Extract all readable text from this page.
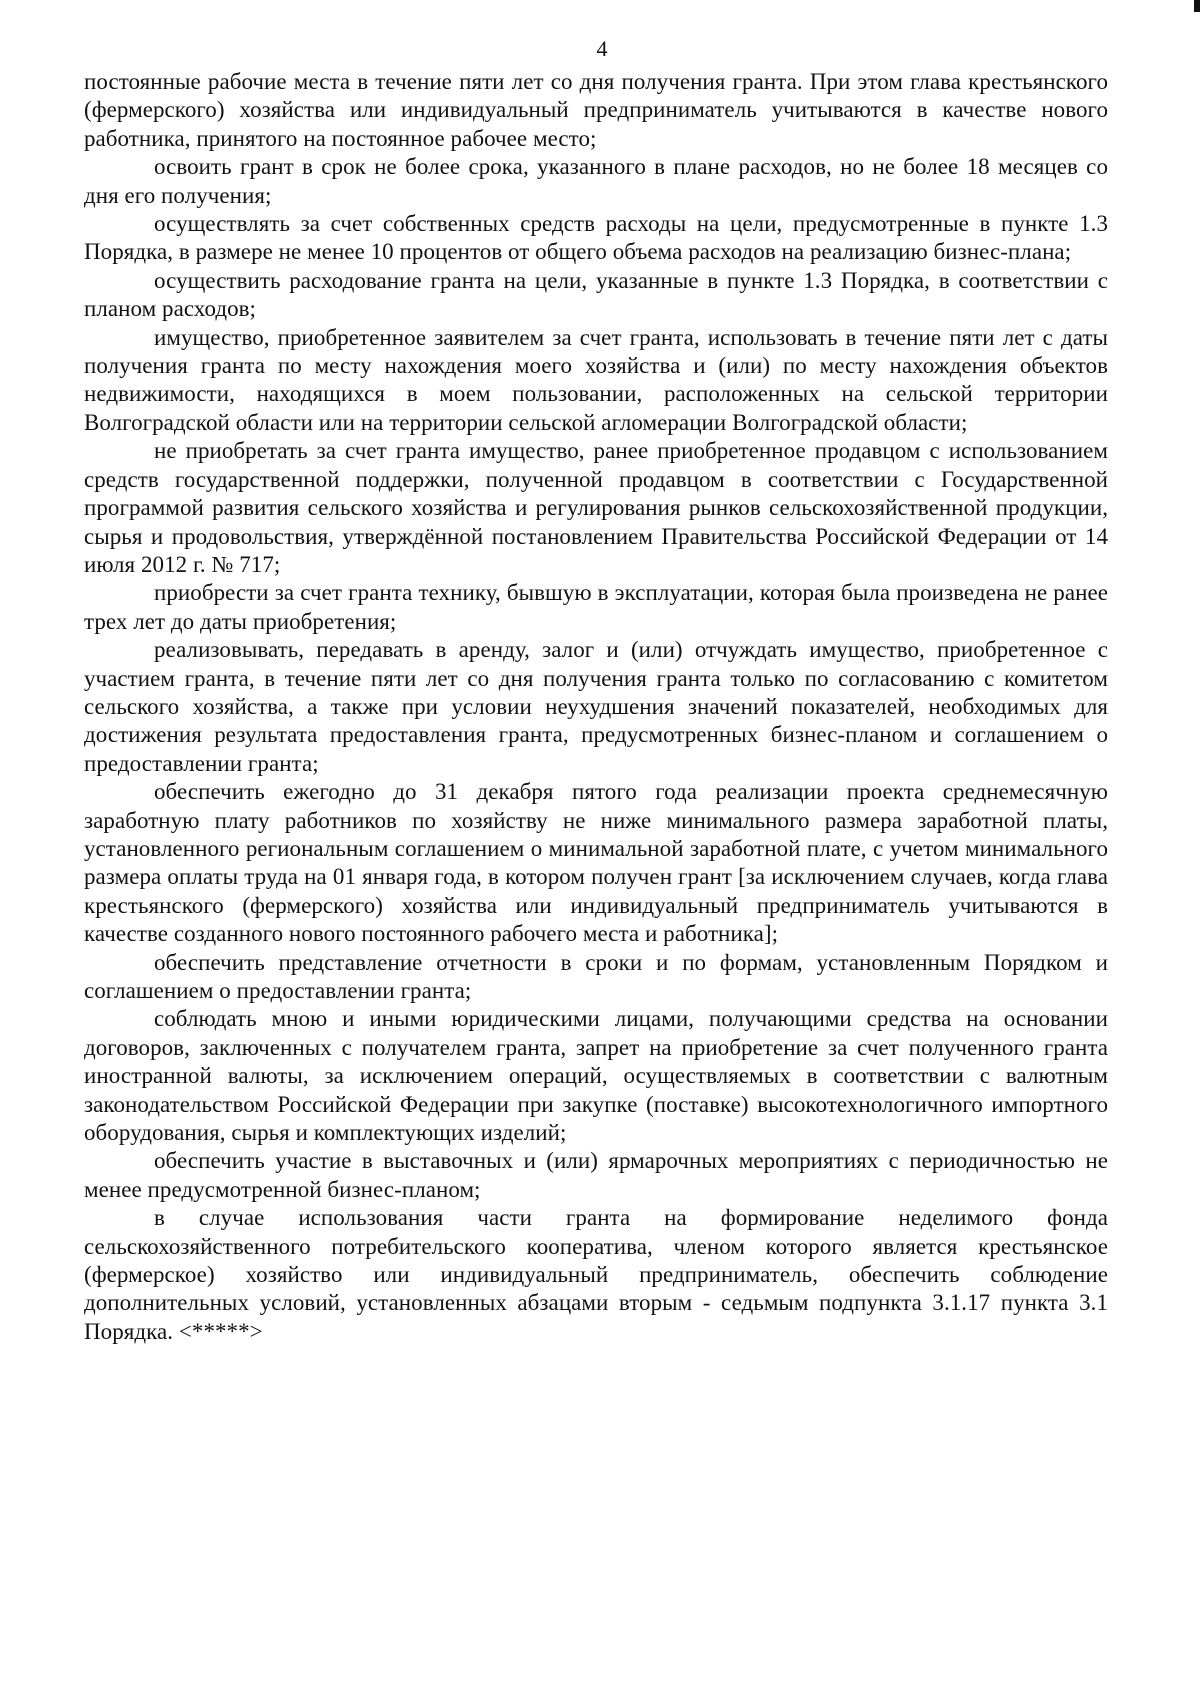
4

постоянные рабочие места в течение пяти лет со дня получения гранта. При этом глава крестьянского (фермерского) хозяйства или индивидуальный предприниматель учитываются в качестве нового работника, принятого на постоянное рабочее место;

освоить грант в срок не более срока, указанного в плане расходов, но не более 18 месяцев со дня его получения;

осуществлять за счет собственных средств расходы на цели, предусмотренные в пункте 1.3 Порядка, в размере не менее 10 процентов от общего объема расходов на реализацию бизнес-плана;

осуществить расходование гранта на цели, указанные в пункте 1.3 Порядка, в соответствии с планом расходов;

имущество, приобретенное заявителем за счет гранта, использовать в течение пяти лет с даты получения гранта по месту нахождения моего хозяйства и (или) по месту нахождения объектов недвижимости, находящихся в моем пользовании, расположенных на сельской территории Волгоградской области или на территории сельской агломерации Волгоградской области;

не приобретать за счет гранта имущество, ранее приобретенное продавцом с использованием средств государственной поддержки, полученной продавцом в соответствии с Государственной программой развития сельского хозяйства и регулирования рынков сельскохозяйственной продукции, сырья и продовольствия, утверждённой постановлением Правительства Российской Федерации от 14 июля 2012 г. № 717;

приобрести за счет гранта технику, бывшую в эксплуатации, которая была произведена не ранее трех лет до даты приобретения;

реализовывать, передавать в аренду, залог и (или) отчуждать имущество, приобретенное с участием гранта, в течение пяти лет со дня получения гранта только по согласованию с комитетом сельского хозяйства, а также при условии неухудшения значений показателей, необходимых для достижения результата предоставления гранта, предусмотренных бизнес-планом и соглашением о предоставлении гранта;

обеспечить ежегодно до 31 декабря пятого года реализации проекта среднемесячную заработную плату работников по хозяйству не ниже минимального размера заработной платы, установленного региональным соглашением о минимальной заработной плате, с учетом минимального размера оплаты труда на 01 января года, в котором получен грант [за исключением случаев, когда глава крестьянского (фермерского) хозяйства или индивидуальный предприниматель учитываются в качестве созданного нового постоянного рабочего места и работника];

обеспечить представление отчетности в сроки и по формам, установленным Порядком и соглашением о предоставлении гранта;

соблюдать мною и иными юридическими лицами, получающими средства на основании договоров, заключенных с получателем гранта, запрет на приобретение за счет полученного гранта иностранной валюты, за исключением операций, осуществляемых в соответствии с валютным законодательством Российской Федерации при закупке (поставке) высокотехнологичного импортного оборудования, сырья и комплектующих изделий;

обеспечить участие в выставочных и (или) ярмарочных мероприятиях с периодичностью не менее предусмотренной бизнес-планом;

в случае использования части гранта на формирование неделимого фонда сельскохозяйственного потребительского кооператива, членом которого является крестьянское (фермерское) хозяйство или индивидуальный предприниматель, обеспечить соблюдение дополнительных условий, установленных абзацами вторым - седьмым подпункта 3.1.17 пункта 3.1 Порядка. <*****>
